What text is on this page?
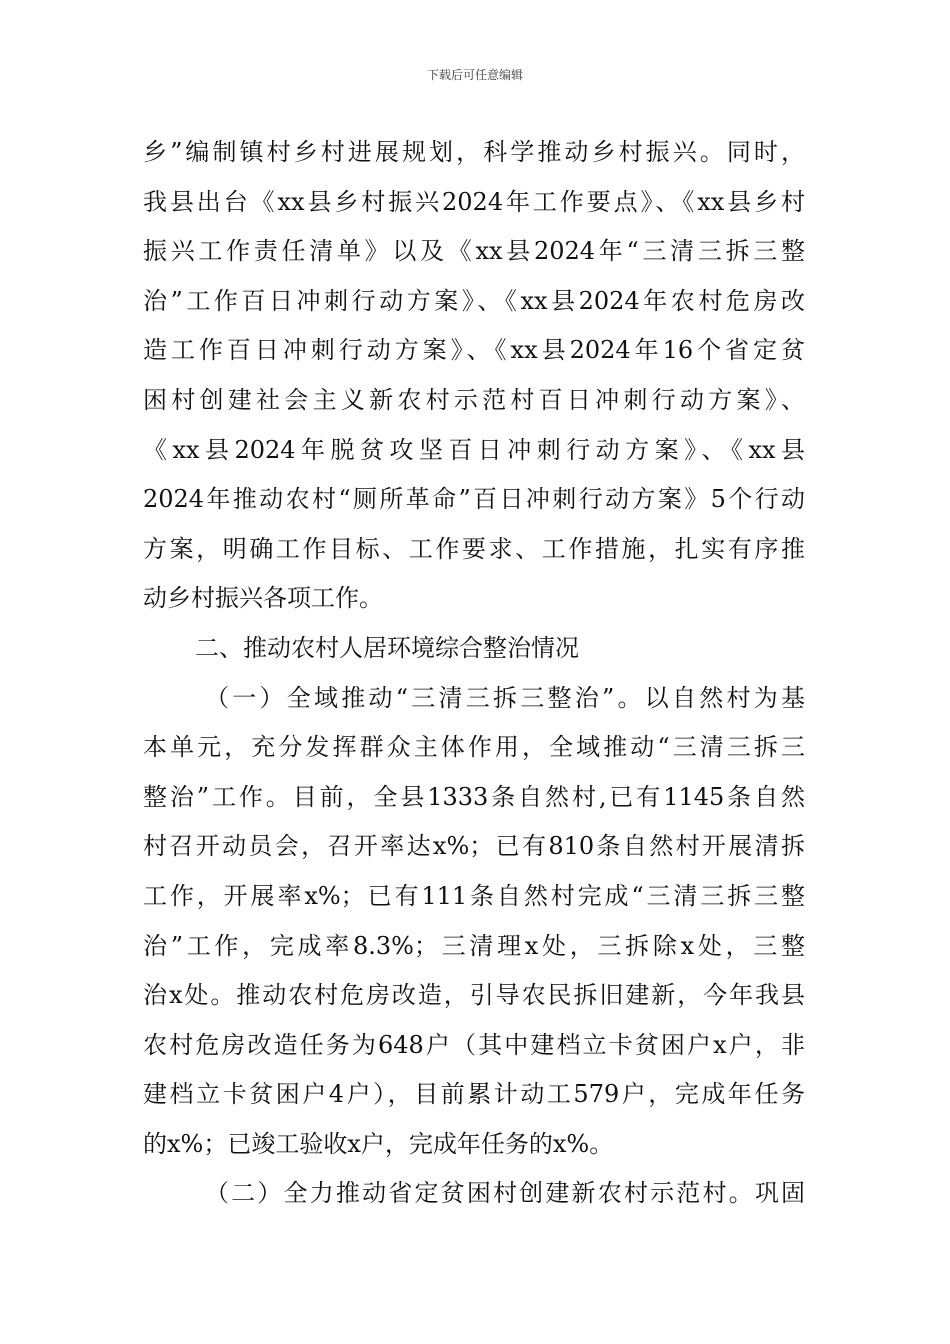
下载后可任意编辑
乡”编制镇村乡村进展规划，科学推动乡村振兴。同时，
我县出台《xx县乡村振兴2024年工作要点》、《xx县乡村
振兴工作责任清单》以及《xx县2024年“三清三拆三整
治”工作百日冲刺行动方案》、《xx县2024年农村危房改
造工作百日冲刺行动方案》、《xx县2024年16个省定贫
困村创建社会主义新农村示范村百日冲刺行动方案》、
《xx县2024年脱贫攻坚百日冲刺行动方案》、《xx县
2024年推动农村“厕所革命”百日冲刺行动方案》5个行动
方案，明确工作目标、工作要求、工作措施，扎实有序推
动乡村振兴各项工作。
二、推动农村人居环境综合整治情况
（一）全域推动“三清三拆三整治”。以自然村为基
本单元，充分发挥群众主体作用，全域推动“三清三拆三
整治”工作。目前，全县1333条自然村,已有1145条自然
村召开动员会，召开率达x%；已有810条自然村开展清拆
工作，开展率x%；已有111条自然村完成“三清三拆三整
治”工作，完成率8.3%；三清理x处，三拆除x处，三整
治x处。推动农村危房改造，引导农民拆旧建新，今年我县
农村危房改造任务为648户（其中建档立卡贫困户x户，非
建档立卡贫困户4户），目前累计动工579户，完成年任务
的x%；已竣工验收x户，完成年任务的x%。
（二）全力推动省定贫困村创建新农村示范村。巩固
